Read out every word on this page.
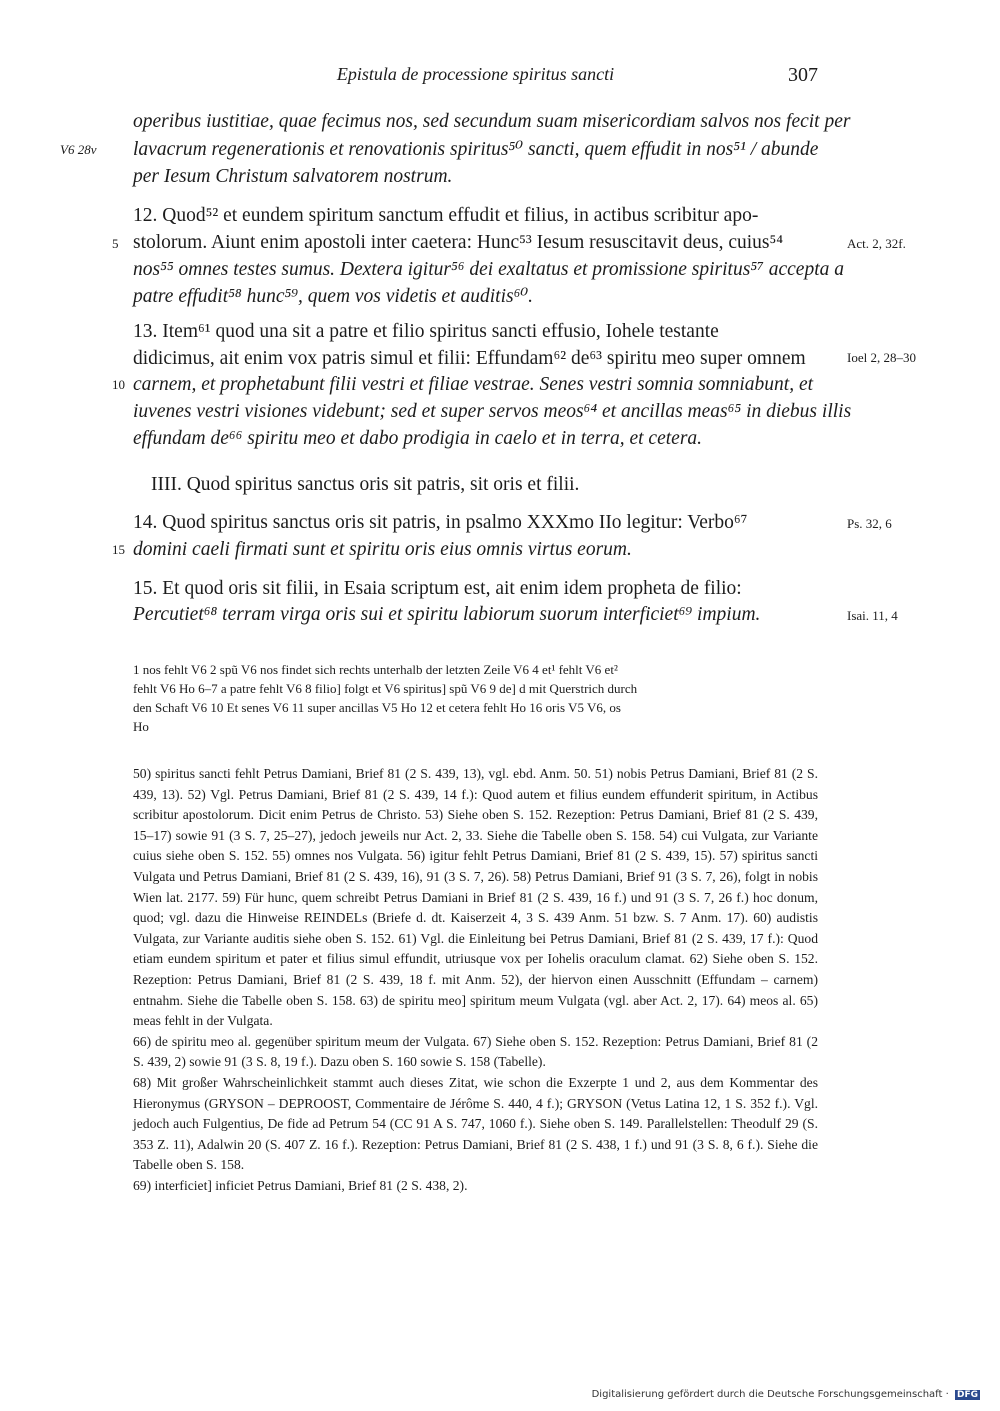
Epistula de processione spiritus sancti	307
V6 28v
5
10
15
Act. 2, 32f.
Ioel 2, 28–30
Ps. 32, 6
Isai. 11, 4
operibus iustitiae, quae fecimus nos, sed secundum suam misericordiam salvos nos fecit per
lavacrum regenerationis et renovationis spiritus⁵⁰ sancti, quem effudit in nos⁵¹ / abunde
per Iesum Christum salvatorem nostrum.
12. Quod⁵² et eundem spiritum sanctum effudit et filius, in actibus scribitur apo-
stolorum. Aiunt enim apostoli inter caetera: Hunc⁵³ Iesum resuscitavit deus, cuius⁵⁴
nos⁵⁵ omnes testes sumus. Dextera igitur⁵⁶ dei exaltatus et promissione spiritus⁵⁷ accepta a
patre effudit⁵⁸ hunc⁵⁹, quem vos videtis et auditis⁶⁰.
13. Item⁶¹ quod una sit a patre et filio spiritus sancti effusio, Iohele testante
didicimus, ait enim vox patris simul et filii: Effundam⁶² de⁶³ spiritu meo super omnem
carnem, et prophetabunt filii vestri et filiae vestrae. Senes vestri somnia somniabunt, et
iuvenes vestri visiones videbunt; sed et super servos meos⁶⁴ et ancillas meas⁶⁵ in diebus illis
effundam de⁶⁶ spiritu meo et dabo prodigia in caelo et in terra, et cetera.
IIII. Quod spiritus sanctus oris sit patris, sit oris et filii.
14. Quod spiritus sanctus oris sit patris, in psalmo XXXmo IIo legitur: Verbo⁶⁷
domini caeli firmati sunt et spiritu oris eius omnis virtus eorum.
15. Et quod oris sit filii, in Esaia scriptum est, ait enim idem propheta de filio:
Percutiet⁶⁸ terram virga oris sui et spiritu labiorum suorum interficiet⁶⁹ impium.

1 nos fehlt V6 2 spũ V6 nos findet sich rechts unterhalb der letzten Zeile V6 4 et¹ fehlt V6 et²

fehlt V6 Ho 6–7 a patre fehlt V6 8 filio] folgt et V6 spiritus] spũ V6 9 de] d mit Querstrich durch

den Schaft V6 10 Et senes V6 11 super ancillas V5 Ho 12 et cetera fehlt Ho 16 oris V5 V6, os

Ho

50) spiritus sancti fehlt Petrus Damiani, Brief 81 (2 S. 439, 13), vgl. ebd. Anm. 50. 51) nobis Petrus Damiani, Brief 81 (2 S. 439, 13). 52) Vgl. Petrus Damiani, Brief 81 (2 S. 439, 14 f.): Quod autem et filius eundem effunderit spiritum, in Actibus scribitur apostolorum. Dicit enim Petrus de Christo. 53) Siehe oben S. 152. Rezeption: Petrus Damiani, Brief 81 (2 S. 439, 15–17) sowie 91 (3 S. 7, 25–27), jedoch jeweils nur Act. 2, 33. Siehe die Tabelle oben S. 158. 54) cui Vulgata, zur Variante cuius siehe oben S. 152. 55) omnes nos Vulgata. 56) igitur fehlt Petrus Damiani, Brief 81 (2 S. 439, 15). 57) spiritus sancti Vulgata und Petrus Damiani, Brief 81 (2 S. 439, 16), 91 (3 S. 7, 26). 58) Petrus Damiani, Brief 91 (3 S. 7, 26), folgt in nobis Wien lat. 2177. 59) Für hunc, quem schreibt Petrus Damiani in Brief 81 (2 S. 439, 16 f.) und 91 (3 S. 7, 26 f.) hoc donum, quod; vgl. dazu die Hinweise REINDELs (Briefe d. dt. Kaiserzeit 4, 3 S. 439 Anm. 51 bzw. S. 7 Anm. 17). 60) audistis Vulgata, zur Variante auditis siehe oben S. 152. 61) Vgl. die Einleitung bei Petrus Damiani, Brief 81 (2 S. 439, 17 f.): Quod etiam eundem spiritum et pater et filius simul effundit, utriusque vox per Iohelis oraculum clamat. 62) Siehe oben S. 152. Rezeption: Petrus Damiani, Brief 81 (2 S. 439, 18 f. mit Anm. 52), der hiervon einen Ausschnitt (Effundam – carnem) entnahm. Siehe die Tabelle oben S. 158. 63) de spiritu meo] spiritum meum Vulgata (vgl. aber Act. 2, 17). 64) meos al. 65) meas fehlt in der Vulgata.

66) de spiritu meo al. gegenüber spiritum meum der Vulgata. 67) Siehe oben S. 152. Rezeption: Petrus Damiani, Brief 81 (2 S. 439, 2) sowie 91 (3 S. 8, 19 f.). Dazu oben S. 160 sowie S. 158 (Tabelle).

68) Mit großer Wahrscheinlichkeit stammt auch dieses Zitat, wie schon die Exzerpte 1 und 2, aus dem Kommentar des Hieronymus (GRYSON – DEPROOST, Commentaire de Jérôme S. 440, 4 f.); GRYSON (Vetus Latina 12, 1 S. 352 f.). Vgl. jedoch auch Fulgentius, De fide ad Petrum 54 (CC 91 A S. 747, 1060 f.). Siehe oben S. 149. Parallelstellen: Theodulf 29 (S. 353 Z. 11), Adalwin 20 (S. 407 Z. 16 f.). Rezeption: Petrus Damiani, Brief 81 (2 S. 438, 1 f.) und 91 (3 S. 8, 6 f.). Siehe die Tabelle oben S. 158.

69) interficiet] inficiet Petrus Damiani, Brief 81 (2 S. 438, 2).

Digitalisierung gefördert durch die Deutsche Forschungsgemeinschaft · DFG
